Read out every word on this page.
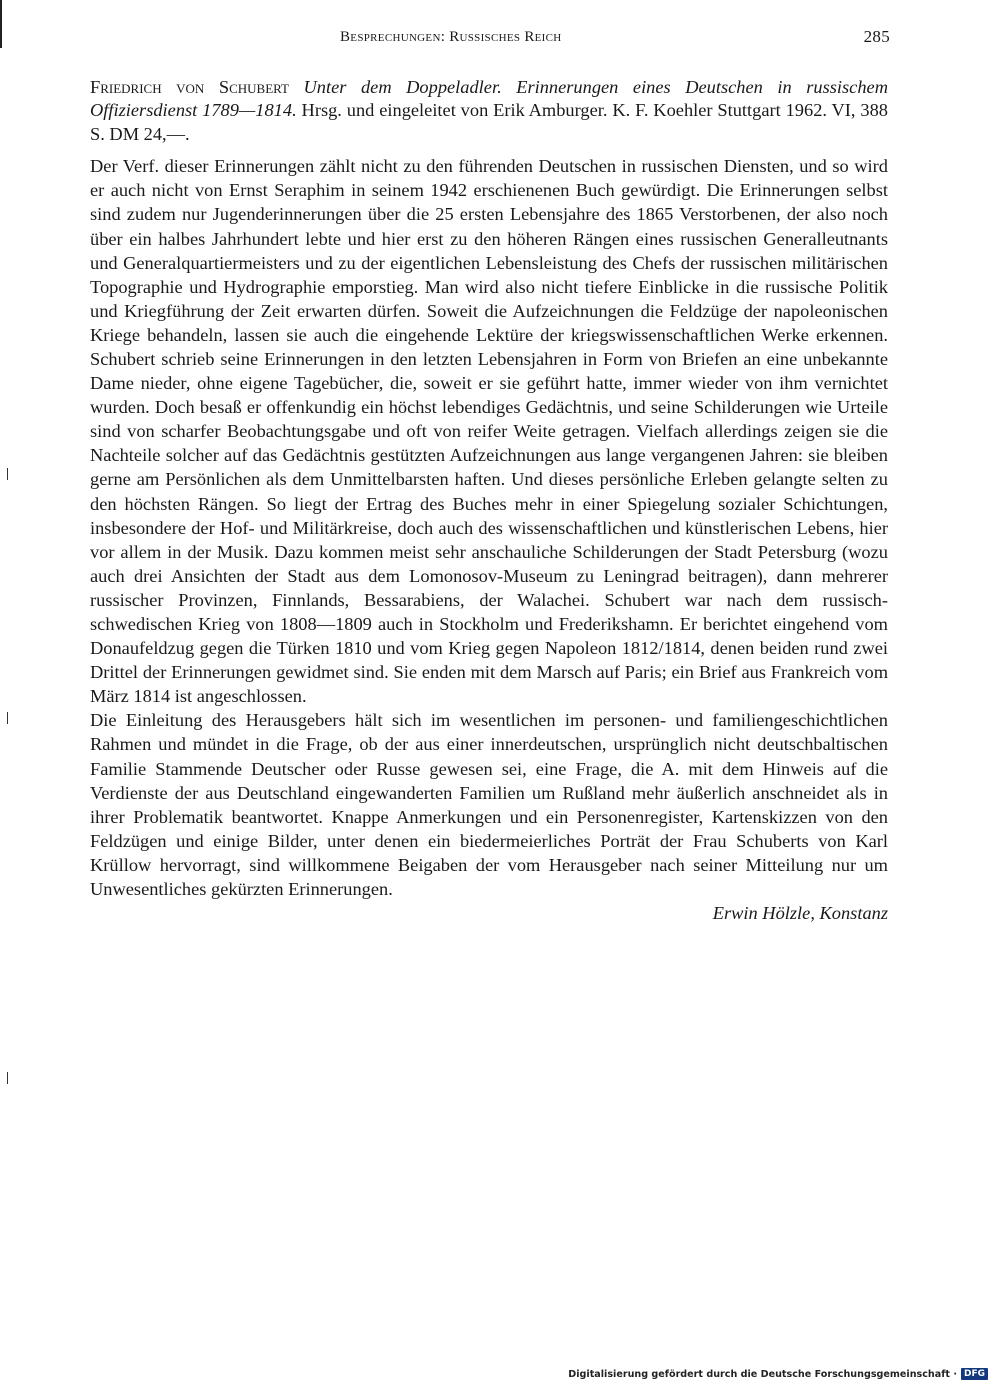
Besprechungen: Russisches Reich	285

Friedrich von Schubert Unter dem Doppeladler. Erinnerungen eines Deutschen in russischem Offiziersdienst 1789—1814. Hrsg. und eingeleitet von Erik Amburger. K. F. Koehler Stuttgart 1962. VI, 388 S. DM 24,—.

Der Verf. dieser Erinnerungen zählt nicht zu den führenden Deutschen in russischen Diensten, und so wird er auch nicht von Ernst Seraphim in seinem 1942 erschienenen Buch gewürdigt. Die Erinnerungen selbst sind zudem nur Jugenderinnerungen über die 25 ersten Lebensjahre des 1865 Verstorbenen, der also noch über ein halbes Jahrhundert lebte und hier erst zu den höheren Rängen eines russischen Generalleutnants und Generalquartiermeisters und zu der eigentlichen Lebensleistung des Chefs der russischen militärischen Topographie und Hydrographie emporstieg. Man wird also nicht tiefere Einblicke in die russische Politik und Kriegführung der Zeit erwarten dürfen. Soweit die Aufzeichnungen die Feldzüge der napoleonischen Kriege behandeln, lassen sie auch die eingehende Lektüre der kriegswissenschaftlichen Werke erkennen. Schubert schrieb seine Erinnerungen in den letzten Lebensjahren in Form von Briefen an eine unbekannte Dame nieder, ohne eigene Tagebücher, die, soweit er sie geführt hatte, immer wieder von ihm vernichtet wurden. Doch besaß er offenkundig ein höchst lebendiges Gedächtnis, und seine Schilderungen wie Urteile sind von scharfer Beobachtungsgabe und oft von reifer Weite getragen. Vielfach allerdings zeigen sie die Nachteile solcher auf das Gedächtnis gestützten Aufzeichnungen aus lange vergangenen Jahren: sie bleiben gerne am Persönlichen als dem Unmittelbarsten haften. Und dieses persönliche Erleben gelangte selten zu den höchsten Rängen. So liegt der Ertrag des Buches mehr in einer Spiegelung sozialer Schichtungen, insbesondere der Hof- und Militärkreise, doch auch des wissenschaftlichen und künstlerischen Lebens, hier vor allem in der Musik. Dazu kommen meist sehr anschauliche Schilderungen der Stadt Petersburg (wozu auch drei Ansichten der Stadt aus dem Lomonosov-Museum zu Leningrad beitragen), dann mehrerer russischer Provinzen, Finnlands, Bessarabiens, der Walachei. Schubert war nach dem russisch-schwedischen Krieg von 1808—1809 auch in Stockholm und Frederikshamn. Er berichtet eingehend vom Donaufeldzug gegen die Türken 1810 und vom Krieg gegen Napoleon 1812/1814, denen beiden rund zwei Drittel der Erinnerungen gewidmet sind. Sie enden mit dem Marsch auf Paris; ein Brief aus Frankreich vom März 1814 ist angeschlossen.

Die Einleitung des Herausgebers hält sich im wesentlichen im personen- und familiengeschichtlichen Rahmen und mündet in die Frage, ob der aus einer innerdeutschen, ursprünglich nicht deutschbaltischen Familie Stammende Deutscher oder Russe gewesen sei, eine Frage, die A. mit dem Hinweis auf die Verdienste der aus Deutschland eingewanderten Familien um Rußland mehr äußerlich anschneidet als in ihrer Problematik beantwortet. Knappe Anmerkungen und ein Personenregister, Kartenskizzen von den Feldzügen und einige Bilder, unter denen ein biedermeierliches Porträt der Frau Schuberts von Karl Krüllow hervorragt, sind willkommene Beigaben der vom Herausgeber nach seiner Mitteilung nur um Unwesentliches gekürzten Erinnerungen.

Erwin Hölzle, Konstanz

Digitalisierung gefördert durch die Deutsche Forschungsgemeinschaft · DFG
